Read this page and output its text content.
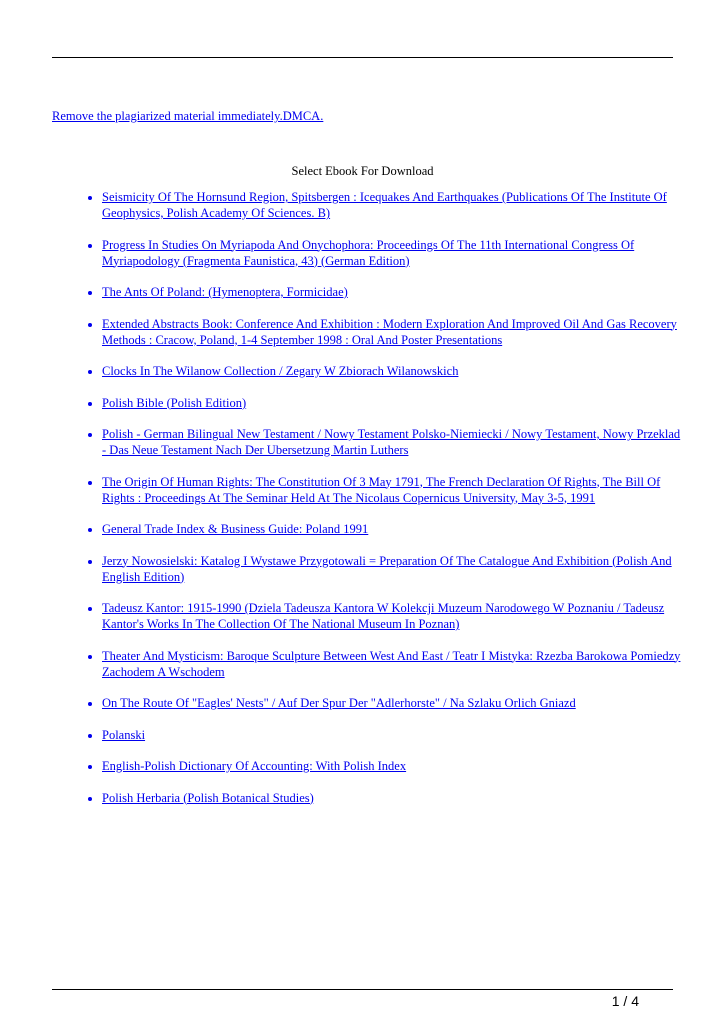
Remove the plagiarized material immediately.DMCA.
Select Ebook For Download
• Seismicity Of The Hornsund Region, Spitsbergen : Icequakes And Earthquakes (Publications Of The Institute Of Geophysics, Polish Academy Of Sciences. B)
• Progress In Studies On Myriapoda And Onychophora: Proceedings Of The 11th International Congress Of Myriapodology (Fragmenta Faunistica, 43) (German Edition)
• The Ants Of Poland: (Hymenoptera, Formicidae)
• Extended Abstracts Book: Conference And Exhibition : Modern Exploration And Improved Oil And Gas Recovery Methods : Cracow, Poland, 1-4 September 1998 : Oral And Poster Presentations
• Clocks In The Wilanow Collection / Zegary W Zbiorach Wilanowskich
• Polish Bible (Polish Edition)
• Polish - German Bilingual New Testament / Nowy Testament Polsko-Niemiecki / Nowy Testament, Nowy Przeklad - Das Neue Testament Nach Der Ubersetzung Martin Luthers
• The Origin Of Human Rights: The Constitution Of 3 May 1791, The French Declaration Of Rights, The Bill Of Rights : Proceedings At The Seminar Held At The Nicolaus Copernicus University, May 3-5, 1991
• General Trade Index & Business Guide: Poland 1991
• Jerzy Nowosielski: Katalog I Wystawe Przygotowali = Preparation Of The Catalogue And Exhibition (Polish And English Edition)
• Tadeusz Kantor: 1915-1990 (Dziela Tadeusza Kantora W Kolekcji Muzeum Narodowego W Poznaniu / Tadeusz Kantor's Works In The Collection Of The National Museum In Poznan)
• Theater And Mysticism: Baroque Sculpture Between West And East / Teatr I Mistyka: Rzezba Barokowa Pomiedzy Zachodem A Wschodem
• On The Route Of "Eagles' Nests" / Auf Der Spur Der "Adlerhorste" / Na Szlaku Orlich Gniazd
• Polanski
• English-Polish Dictionary Of Accounting: With Polish Index
• Polish Herbaria (Polish Botanical Studies)
1 / 4
